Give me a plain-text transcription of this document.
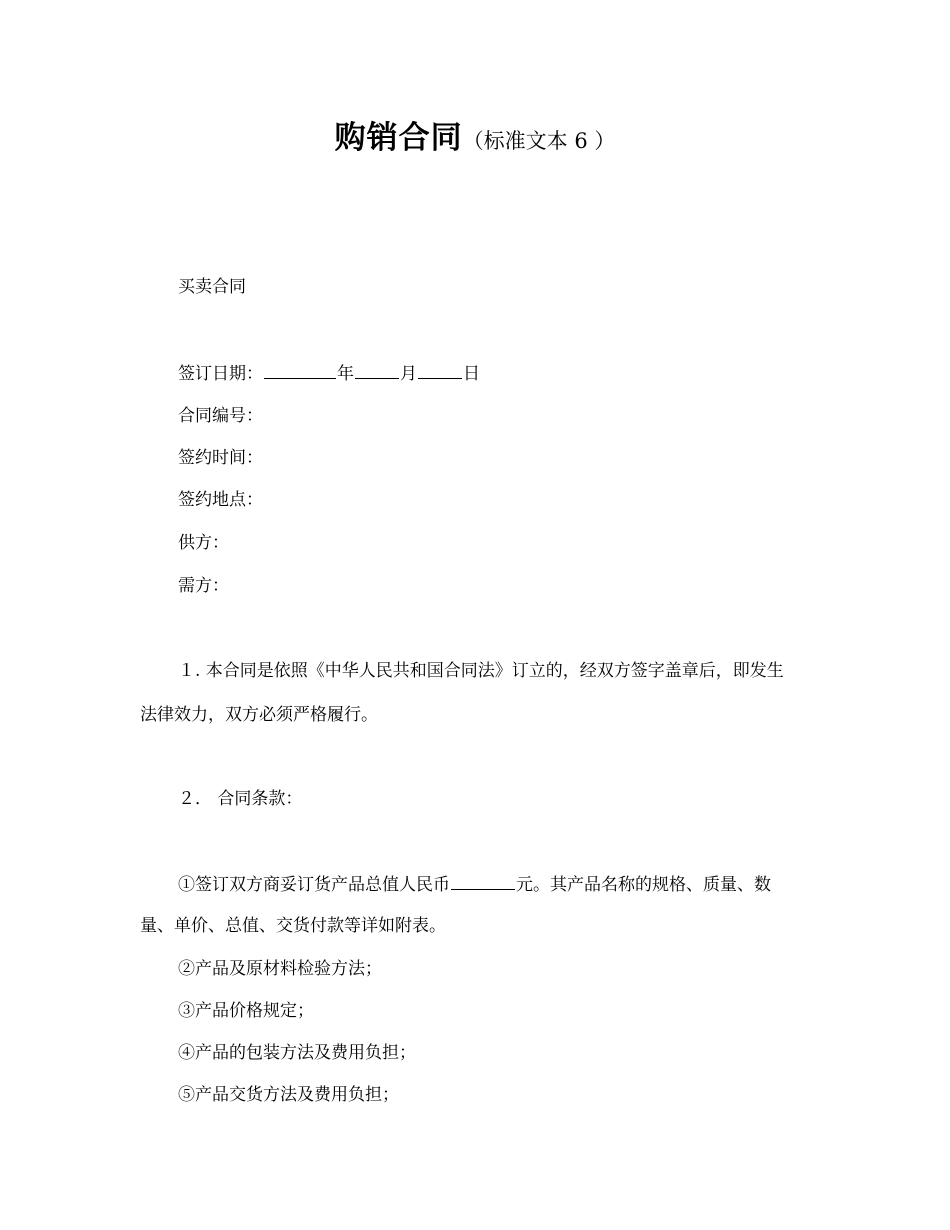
购销合同（标准文本 6 ）
买卖合同
签订日期：	年	月	日
合同编号：
签约时间：
签约地点：
供方：
需方：
１. 本合同是依照《中华人民共和国合同法》订立的，经双方签字盖章后，即发生
法律效力，双方必须严格履行。
２． 合同条款：
①签订双方商妥订货产品总值人民币	元。其产品名称的规格、质量、数
量、单价、总值、交货付款等详如附表。
②产品及原材料检验方法；
③产品价格规定；
④产品的包装方法及费用负担；
⑤产品交货方法及费用负担；
